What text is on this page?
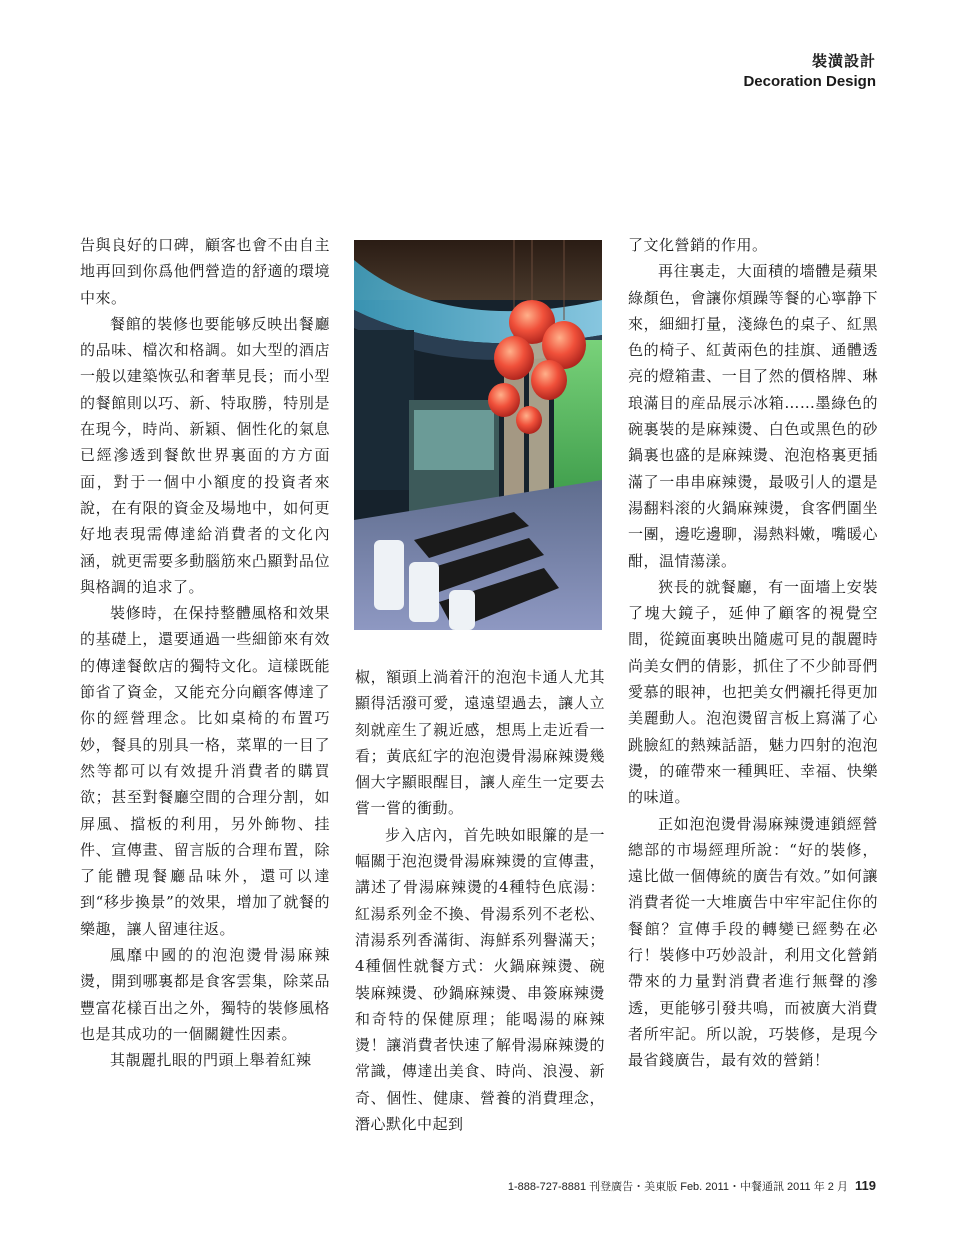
裝潢設計
Decoration Design

告與良好的口碑，顧客也會不由自主地再回到你爲他們營造的舒適的環境中來。

餐館的裝修也要能够反映出餐廳的品味、檔次和格調。如大型的酒店一般以建築恢弘和奢華見長；而小型的餐館則以巧、新、特取勝，特別是在現今，時尚、新穎、個性化的氣息已經滲透到餐飲世界裏面的方方面面，對于一個中小額度的投資者來說，在有限的資金及場地中，如何更好地表現需傳達給消費者的文化內涵，就更需要多動腦筋來凸顯對品位與格調的追求了。

裝修時，在保持整體風格和效果的基礎上，還要通過一些細節來有效的傳達餐飲店的獨特文化。這樣既能節省了資金，又能充分向顧客傳達了你的經營理念。比如桌椅的布置巧妙，餐具的別具一格，菜單的一目了然等都可以有效提升消費者的購買欲；甚至對餐廳空間的合理分割，如屏風、擋板的利用，另外飾物、挂件、宣傳畫、留言版的合理布置，除了能體現餐廳品味外，還可以達到“移步換景”的效果，增加了就餐的樂趣，讓人留連往返。

風靡中國的的泡泡燙骨湯麻辣燙，開到哪裏都是食客雲集，除菜品豐富花樣百出之外，獨特的裝修風格也是其成功的一個關鍵性因素。

其靚麗扎眼的門頭上舉着紅辣

椒，額頭上淌着汗的泡泡卡通人尤其顯得活潑可愛，遠遠望過去，讓人立刻就産生了親近感，想馬上走近看一看；黃底紅字的泡泡燙骨湯麻辣燙幾個大字顯眼醒目，讓人産生一定要去嘗一嘗的衝動。

步入店內，首先映如眼簾的是一幅關于泡泡燙骨湯麻辣燙的宣傳畫，講述了骨湯麻辣燙的4種特色底湯：紅湯系列金不換、骨湯系列不老松、清湯系列香滿街、海鮮系列譽滿天；4種個性就餐方式：火鍋麻辣燙、碗裝麻辣燙、砂鍋麻辣燙、串簽麻辣燙和奇特的保健原理；能喝湯的麻辣燙！讓消費者快速了解骨湯麻辣燙的常識，傳達出美食、時尚、浪漫、新奇、個性、健康、營養的消費理念，潛心默化中起到

了文化營銷的作用。

再往裏走，大面積的墻體是蘋果綠顏色，會讓你煩躁等餐的心寧静下來，細細打量，淺綠色的桌子、紅黑色的椅子、紅黃兩色的挂旗、通體透亮的燈箱畫、一目了然的價格牌、琳琅滿目的産品展示冰箱……墨綠色的碗裏裝的是麻辣燙、白色或黑色的砂鍋裏也盛的是麻辣燙、泡泡格裏更插滿了一串串麻辣燙，最吸引人的還是湯翻料滚的火鍋麻辣燙，食客們圍坐一團，邊吃邊聊，湯熱料嫩，嘴暖心酣，温情蕩漾。

狹長的就餐廳，有一面墻上安裝了塊大鏡子，延伸了顧客的視覺空間，從鏡面裏映出隨處可見的靚麗時尚美女們的倩影，抓住了不少帥哥們愛慕的眼神，也把美女們襯托得更加美麗動人。泡泡燙留言板上寫滿了心跳臉紅的熱辣話語，魅力四射的泡泡燙，的確帶來一種興旺、幸福、快樂的味道。

正如泡泡燙骨湯麻辣燙連鎖經營總部的市場經理所說：“好的裝修，遠比做一個傳統的廣告有效。”如何讓消費者從一大堆廣告中牢牢記住你的餐館？宣傳手段的轉變已經勢在必行！裝修中巧妙設計，利用文化營銷帶來的力量對消費者進行無聲的滲透，更能够引發共鳴，而被廣大消費者所牢記。所以說，巧裝修，是現今最省錢廣告，最有效的營銷！

1-888-727-8881 刊登廣告・美東版 Feb. 2011・中餐通訊 2011 年 2 月 119
